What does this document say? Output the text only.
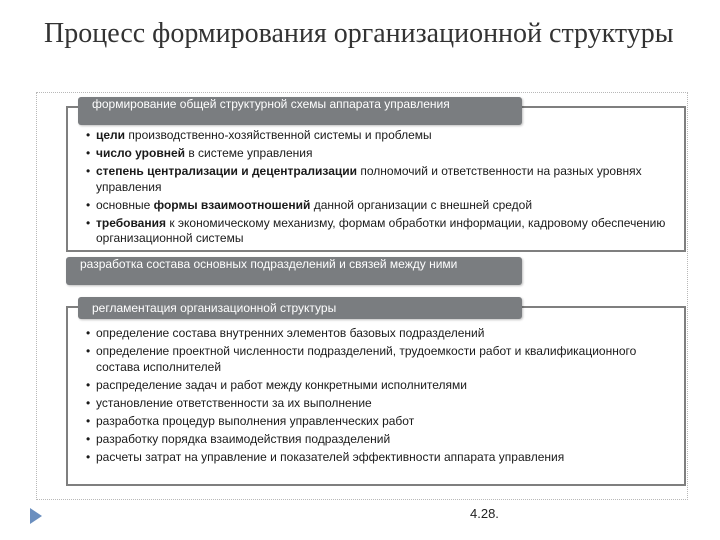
Процесс формирования организационной структуры
формирование общей структурной схемы аппарата управления
• цели производственно-хозяйственной системы и проблемы
• число уровней в системе управления
• степень централизации и децентрализации полномочий и ответственности на разных уровнях управления
• основные формы взаимоотношений данной организации с внешней средой
• требования к экономическому механизму, формам обработки информации, кадровому обеспечению организационной системы
разработка состава основных подразделений и связей между ними
регламентация организационной структуры
• определение состава внутренних элементов базовых подразделений
• определение проектной численности подразделений, трудоемкости работ и квалификационного состава исполнителей
• распределение задач и работ между конкретными исполнителями
• установление ответственности за их выполнение
• разработка процедур выполнения управленческих работ
• разработку порядка взаимодействия подразделений
• расчеты затрат на управление и показателей эффективности аппарата управления
4.28.
